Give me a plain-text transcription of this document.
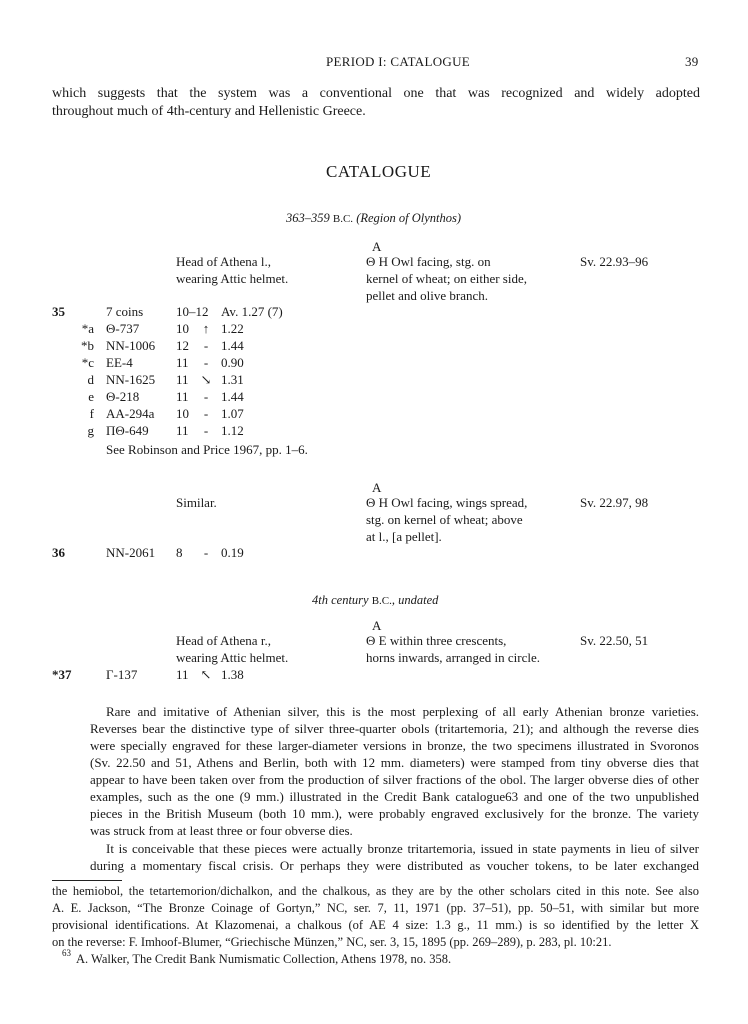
PERIOD I: CATALOGUE	39
which suggests that the system was a conventional one that was recognized and widely adopted
throughout much of 4th-century and Hellenistic Greece.
CATALOGUE
363–359 B.C. (Region of Olynthos)
A
Head of Athena l.,
wearing Attic helmet.
Θ H Owl facing, stg. on
kernel of wheat; on either side,
pellet and olive branch.
Sv. 22.93–96
35	7 coins	10–12 Av. 1.27 (7)
*a Θ-737	10 ↑ 1.22
*b NN-1006 12	- 1.44
*c EE-4	11	- 0.90
d NN-1625 11 ↘ 1.31
e Θ-218	11	- 1.44
f AA-294a 10	- 1.07
g ΠΘ-649 11	- 1.12
See Robinson and Price 1967, pp. 1–6.
A
Similar.	Θ H Owl facing, wings spread,
stg. on kernel of wheat; above
at l., [a pellet].
Sv. 22.97, 98
36	NN-2061 8	- 0.19
4th century B.C., undated
A
Head of Athena r.,
wearing Attic helmet.
Θ E within three crescents,
horns inwards, arranged in circle.
Sv. 22.50, 51
*37	Γ-137	11 ↖ 1.38
Rare and imitative of Athenian silver, this is the most perplexing of all early Athenian bronze varieties.
Reverses bear the distinctive type of silver three-quarter obols (tritartemoria, 21); and although the reverse dies
were specially engraved for these larger-diameter versions in bronze, the two specimens illustrated in Svoronos
(Sv. 22.50 and 51, Athens and Berlin, both with 12 mm. diameters) were stamped from tiny obverse dies that
appear to have been taken over from the production of silver fractions of the obol. The larger obverse dies of other
examples, such as the one (9 mm.) illustrated in the Credit Bank catalogue63 and one of the two unpublished
pieces in the British Museum (both 10 mm.), were probably engraved exclusively for the bronze. The variety
was struck from at least three or four obverse dies.
It is conceivable that these pieces were actually bronze tritartemoria, issued in state payments in lieu of silver
during a momentary fiscal crisis. Or perhaps they were distributed as voucher tokens, to be later exchanged
the hemiobol, the tetartemorion/dichalkon, and the chalkous, as they are by the other scholars cited in this note. See also
A. E. Jackson, “The Bronze Coinage of Gortyn,” NC, ser. 7, 11, 1971 (pp. 37–51), pp. 50–51, with similar but more
provisional identifications. At Klazomenai, a chalkous (of AE 4 size: 1.3 g., 11 mm.) is so identified by the letter X
on the reverse: F. Imhoof-Blumer, “Griechische Münzen,” NC, ser. 3, 15, 1895 (pp. 269–289), p. 283, pl. 10:21.
63 A. Walker, The Credit Bank Numismatic Collection, Athens 1978, no. 358.
